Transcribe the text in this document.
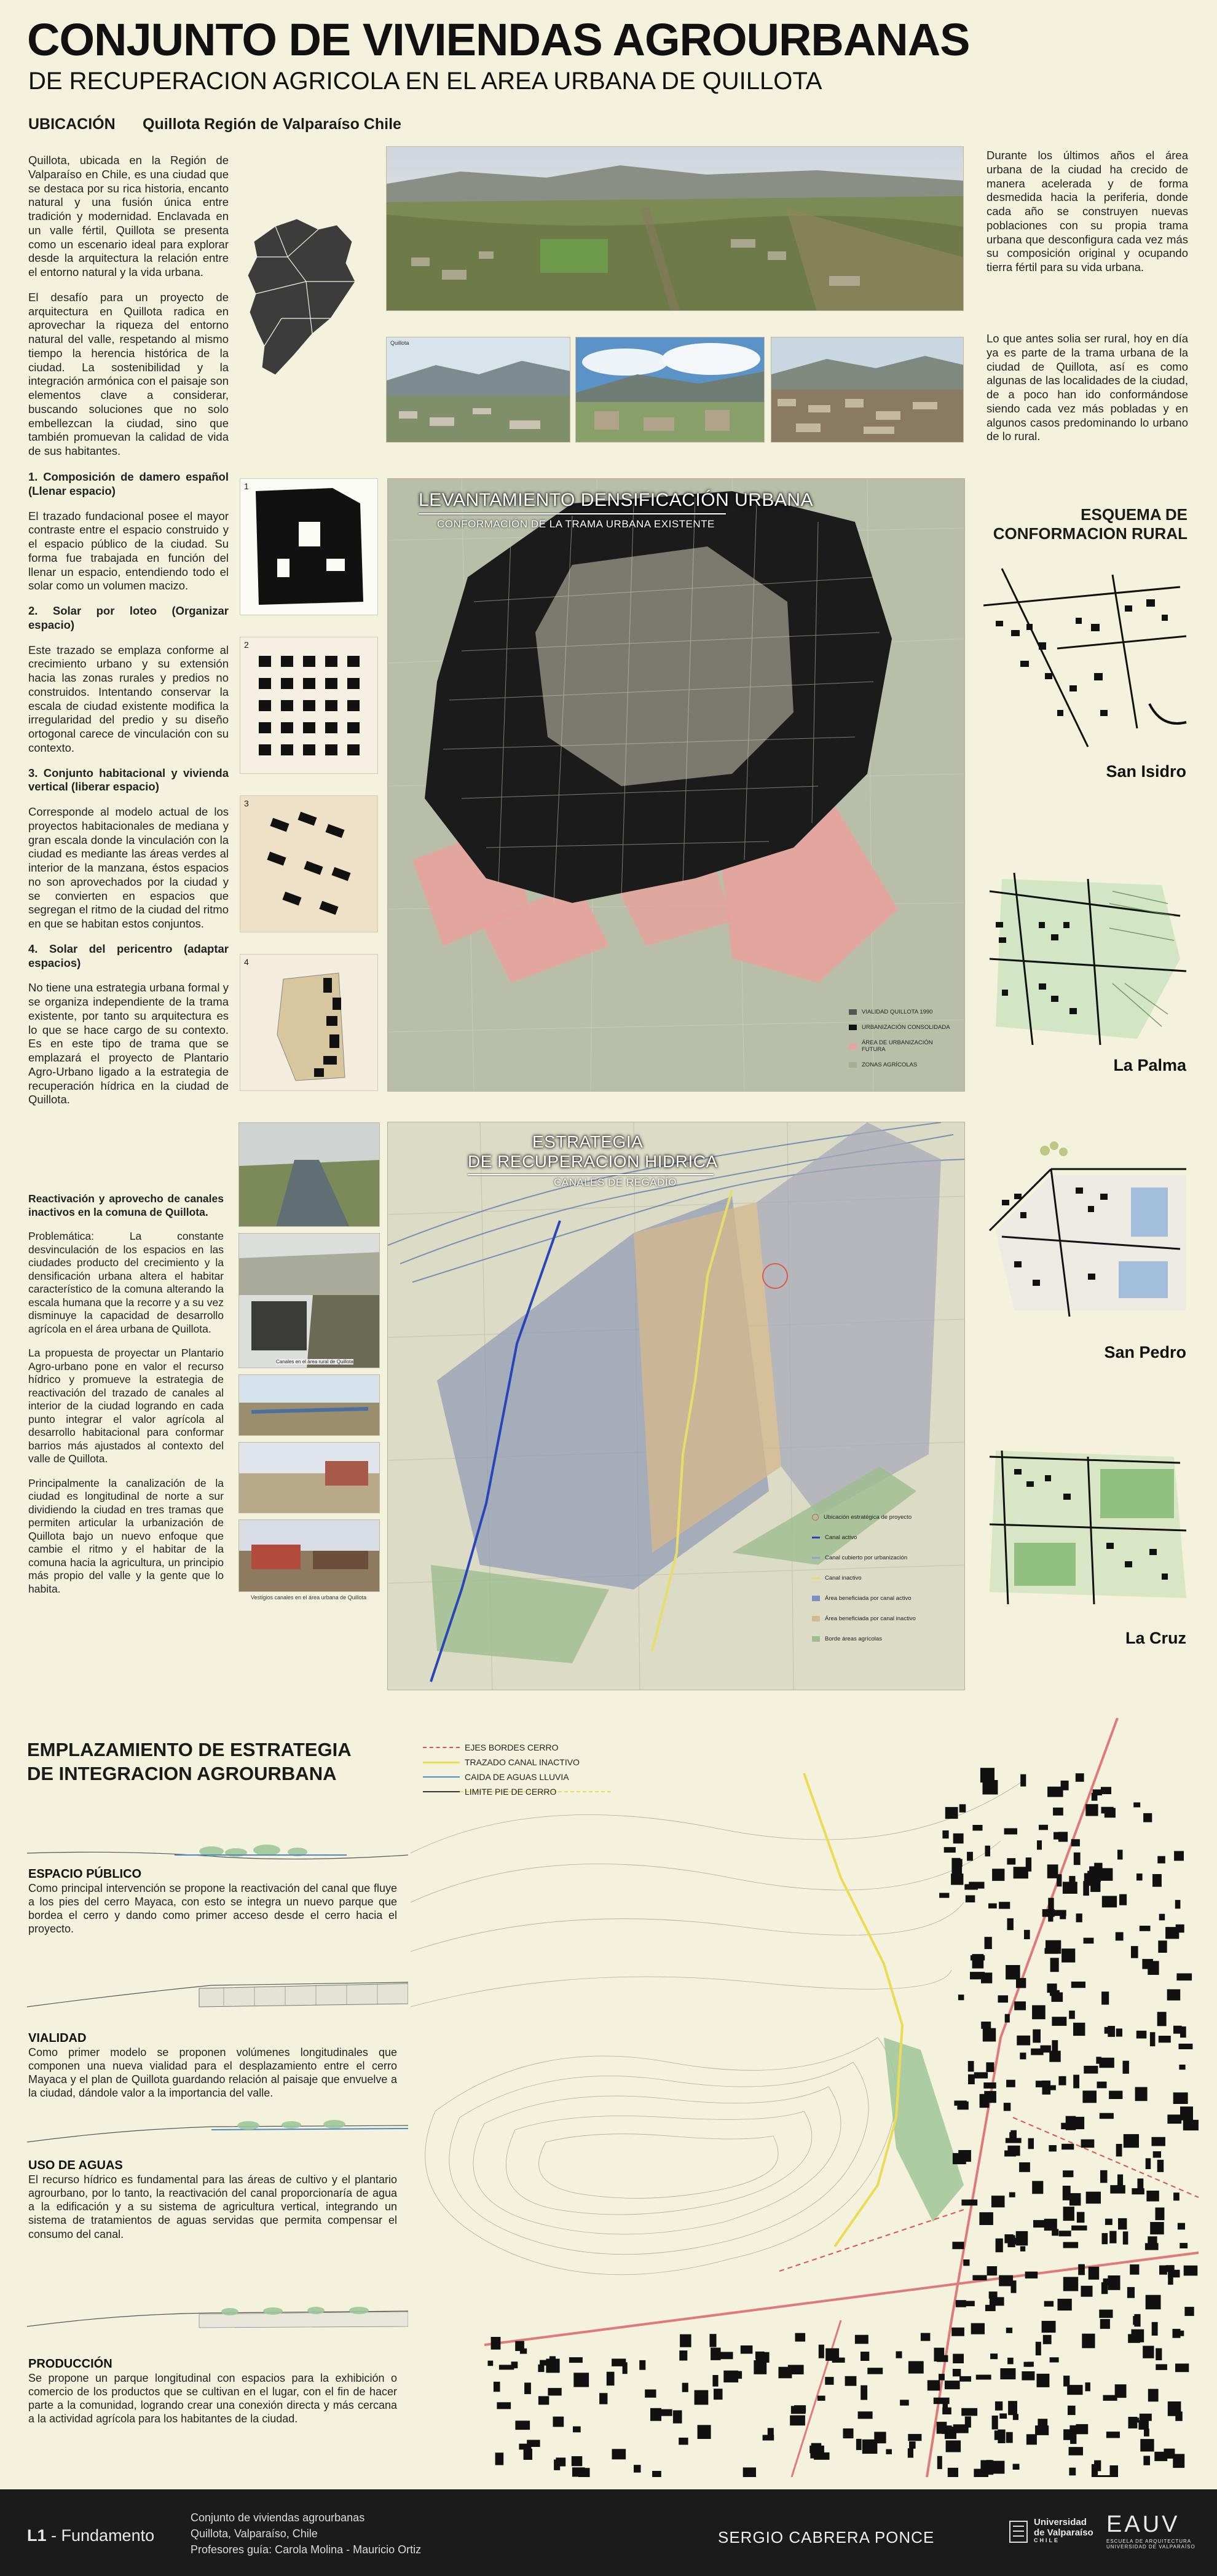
CONJUNTO DE VIVIENDAS AGROURBANAS
DE RECUPERACION AGRICOLA EN EL AREA URBANA DE QUILLOTA
UBICACIÓN Quillota Región de Valparaíso Chile

Quillota, ubicada en la Región de Valparaíso en Chile, es una ciudad que se destaca por su rica historia, encanto natural y una fusión única entre tradición y modernidad. Enclavada en un valle fértil, Quillota se presenta como un escenario ideal para explorar desde la arquitectura la relación entre el entorno natural y la vida urbana.

El desafío para un proyecto de arquitectura en Quillota radica en aprovechar la riqueza del entorno natural del valle, respetando al mismo tiempo la herencia histórica de la ciudad. La sostenibilidad y la integración armónica con el paisaje son elementos clave a considerar, buscando soluciones que no solo embellezcan la ciudad, sino que también promuevan la calidad de vida de sus habitantes.

Quillota
Durante los últimos años el área urbana de la ciudad ha crecido de manera acelerada y de forma desmedida hacia la periferia, donde cada año se construyen nuevas poblaciones con su propia trama urbana que desconfigura cada vez más su composición original y ocupando tierra fértil para su vida urbana.
Lo que antes solia ser rural, hoy en día ya es parte de la trama urbana de la ciudad de Quillota, así es como algunas de las localidades de la ciudad, de a poco han ido conformándose siendo cada vez más pobladas y en algunos casos predominando lo urbano de lo rural.

1. Composición de damero español (Llenar espacio)

El trazado fundacional posee el mayor contraste entre el espacio construido y el espacio público de la ciudad. Su forma fue trabajada en función del llenar un espacio, entendiendo todo el solar como un volumen macizo.

2. Solar por loteo (Organizar espacio)

Este trazado se emplaza conforme al crecimiento urbano y su extensión hacia las zonas rurales y predios no construidos. Intentando conservar la escala de ciudad existente modifica la irregularidad del predio y su diseño ortogonal carece de vinculación con su contexto.

3. Conjunto habitacional y vivienda vertical (liberar espacio)

Corresponde al modelo actual de los proyectos habitacionales de mediana y gran escala donde la vinculación con la ciudad es mediante las áreas verdes al interior de la manzana, éstos espacios no son aprovechados por la ciudad y se convierten en espacios que segregan el ritmo de la ciudad del ritmo en que se habitan estos conjuntos.

4. Solar del pericentro (adaptar espacios)

No tiene una estrategia urbana formal y se organiza independiente de la trama existente, por tanto su arquitectura es lo que se hace cargo de su contexto. Es en este tipo de trama que se emplazará el proyecto de Plantario Agro-Urbano ligado a la estrategia de recuperación hídrica en la ciudad de Quillota.

1
2
3
4
LEVANTAMIENTO DENSIFICACIÓN URBANA
CONFORMACIÓN DE LA TRAMA URBANA EXISTENTE
VIALIDAD QUILLOTA 1990
URBANIZACIÓN CONSOLIDADA
ÁREA DE URBANIZACIÓN FUTURA
ZONAS AGRÍCOLAS
ESQUEMA DE CONFORMACION RURAL
San Isidro
La Palma
San Pedro
La Cruz

Reactivación y aprovecho de canales inactivos en la comuna de Quillota.

Problemática: La constante desvinculación de los espacios en las ciudades producto del crecimiento y la densificación urbana altera el habitar característico de la comuna alterando la escala humana que la recorre y a su vez disminuye la capacidad de desarrollo agrícola en el área urbana de Quillota.

La propuesta de proyectar un Plantario Agro-urbano pone en valor el recurso hídrico y promueve la estrategia de reactivación del trazado de canales al interior de la ciudad logrando en cada punto integrar el valor agrícola al desarrollo habitacional para conformar barrios más ajustados al contexto del valle de Quillota.

Principalmente la canalización de la ciudad es longitudinal de norte a sur dividiendo la ciudad en tres tramas que permiten articular la urbanización de Quillota bajo un nuevo enfoque que cambie el ritmo y el habitar de la comuna hacia la agricultura, un principio más propio del valle y la gente que lo habita.

Canales en el área rural de Quillota
Vestigios canales en el área urbana de Quillota
ESTRATEGIA
DE RECUPERACION HIDRICA
CANALES DE REGADÍO
Ubicación estratégica de proyecto
Canal activo
Canal cubierto por urbanización
Canal inactivo
Área beneficiada por canal activo
Área beneficiada por canal inactivo
Borde áreas agrícolas
EMPLAZAMIENTO DE ESTRATEGIA
DE INTEGRACION AGROURBANA
ESPACIO PÚBLICO
Como principal intervención se propone la reactivación del canal que fluye a los pies del cerro Mayaca, con esto se integra un nuevo parque que bordea el cerro y dando como primer acceso desde el cerro hacia el proyecto.
VIALIDAD
Como primer modelo se proponen volúmenes longitudinales que componen una nueva vialidad para el desplazamiento entre el cerro Mayaca y el plan de Quillota guardando relación al paisaje que envuelve a la ciudad, dándole valor a la importancia del valle.
USO DE AGUAS
El recurso hídrico es fundamental para las áreas de cultivo y el plantario agrourbano, por lo tanto, la reactivación del canal proporcionaría de agua a la edificación y a su sistema de agricultura vertical, integrando un sistema de tratamientos de aguas servidas que permita compensar el consumo del canal.
PRODUCCIÓN
Se propone un parque longitudinal con espacios para la exhibición o comercio de los productos que se cultivan en el lugar, con el fin de hacer parte a la comunidad, logrando crear una conexión directa y más cercana a la actividad agrícola para los habitantes de la ciudad.
EJES BORDES CERRO
TRAZADO CANAL INACTIVO
CAIDA DE AGUAS LLUVIA
LIMITE PIE DE CERRO
L1 - Fundamento
Conjunto de viviendas agrourbanas
Quillota, Valparaíso, Chile
Profesores guía: Carola Molina - Mauricio Ortiz
SERGIO CABRERA PONCE
Universidad
de Valparaíso
CHILE
EAUV
ESCUELA DE ARQUITECTURA
UNIVERSIDAD DE VALPARAÍSO
